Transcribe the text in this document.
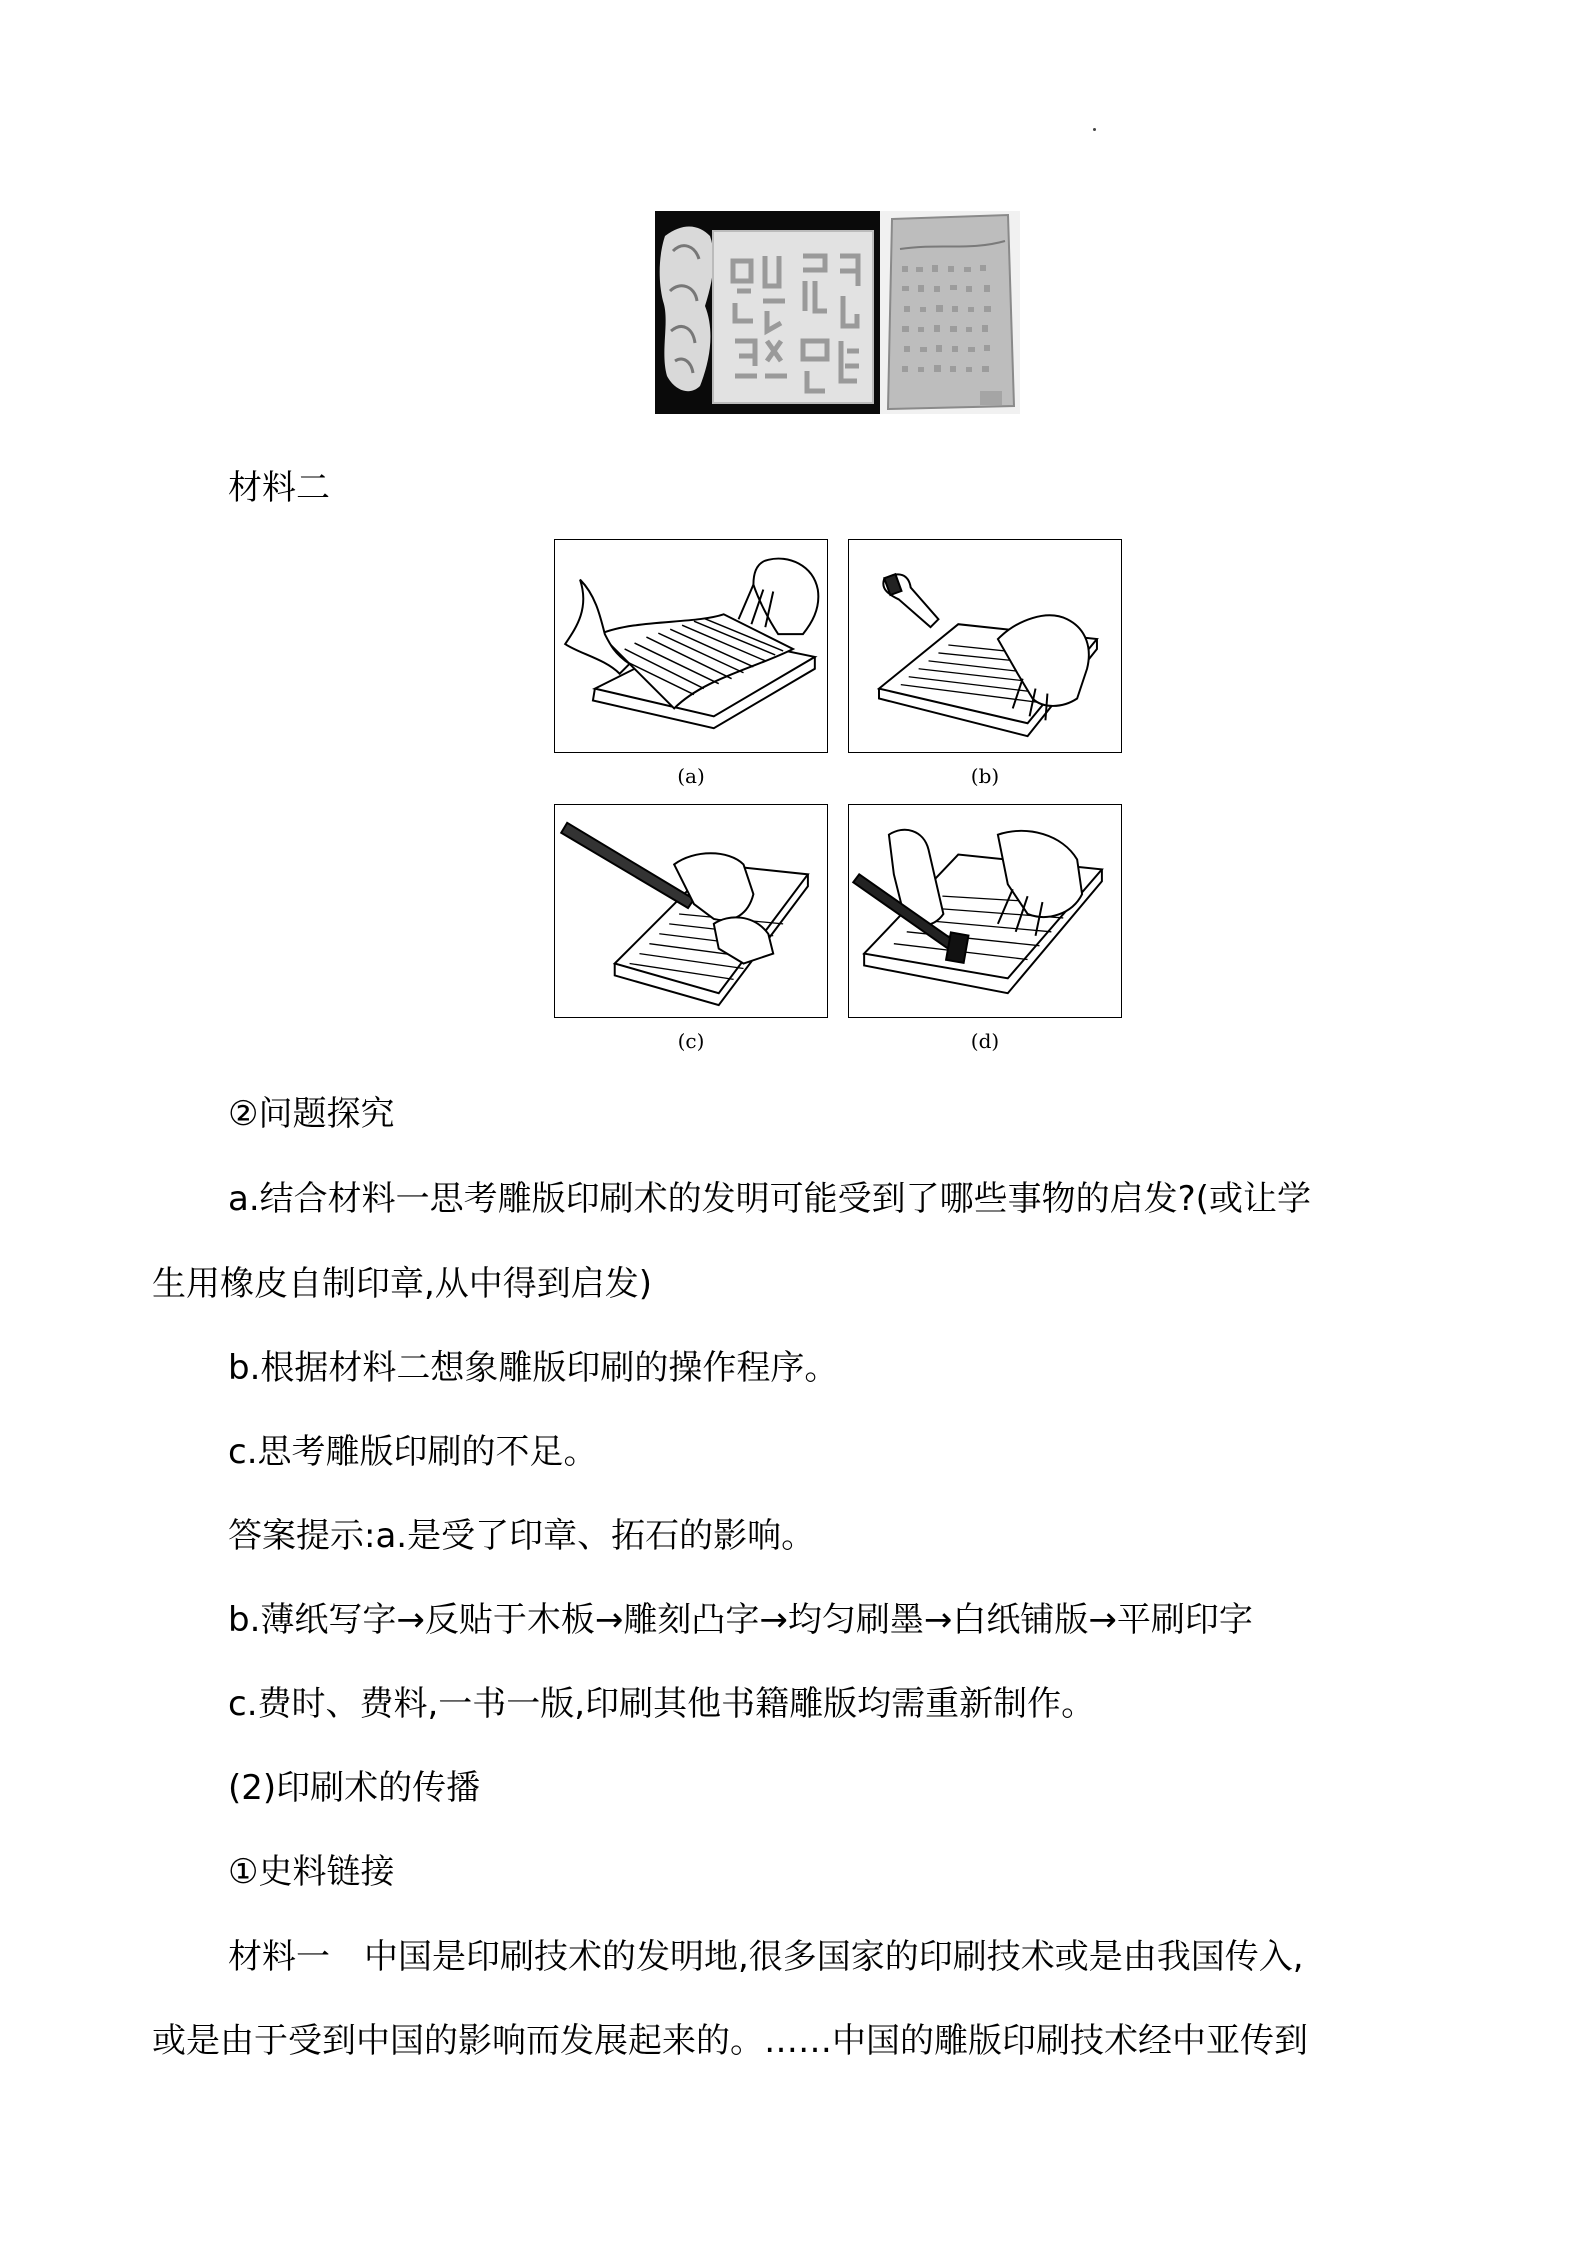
材料二
(a)	(b)
(c)	(d)
②问题探究
a.结合材料一思考雕版印刷术的发明可能受到了哪些事物的启发?(或让学
生用橡皮自制印章,从中得到启发)
b.根据材料二想象雕版印刷的操作程序。
c.思考雕版印刷的不足。
答案提示:a.是受了印章、拓石的影响。
b.薄纸写字→反贴于木板→雕刻凸字→均匀刷墨→白纸铺版→平刷印字
c.费时、费料,一书一版,印刷其他书籍雕版均需重新制作。
(2)印刷术的传播
①史料链接
材料一　中国是印刷技术的发明地,很多国家的印刷技术或是由我国传入,
或是由于受到中国的影响而发展起来的。……中国的雕版印刷技术经中亚传到
